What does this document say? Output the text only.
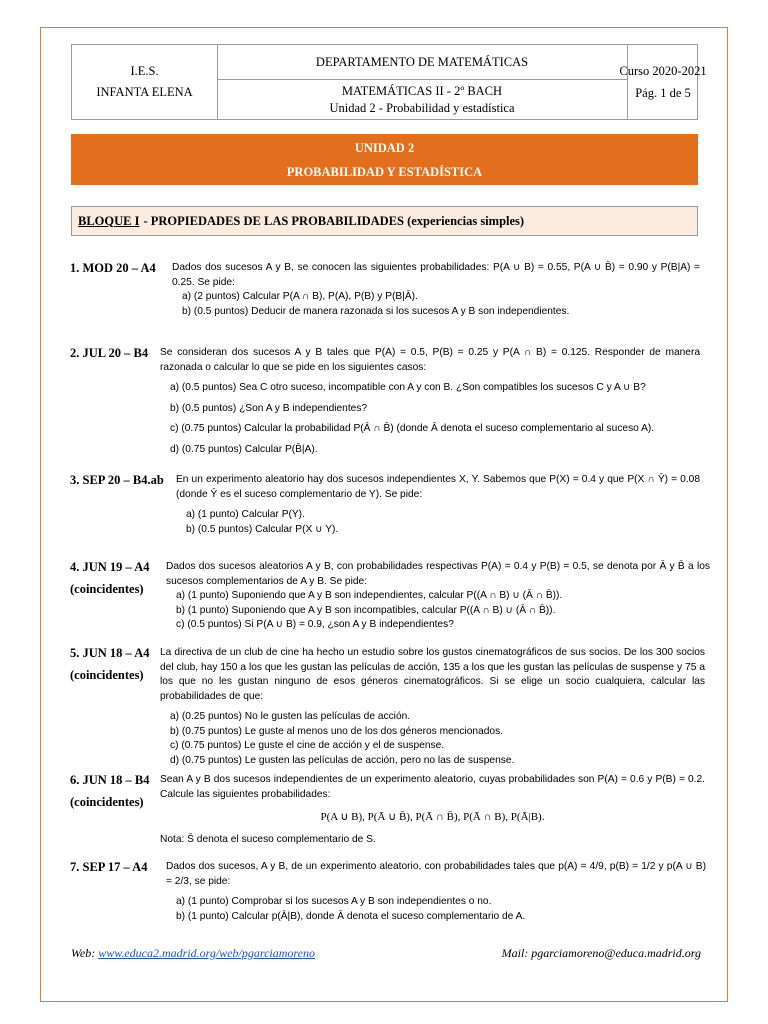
I.E.S.
INFANTA ELENA
DEPARTAMENTO DE MATEMÁTICAS
MATEMÁTICAS II - 2º BACH
Unidad 2 - Probabilidad y estadística
Curso 2020-2021
Pág. 1 de 5
UNIDAD 2
PROBABILIDAD Y ESTADÍSTICA
BLOQUE I - PROPIEDADES DE LAS PROBABILIDADES (experiencias simples)
1. MOD 20 – A4 Dados dos sucesos A y B, se conocen las siguientes probabilidades: P(A ∪ B) = 0.55, P(A ∪ B̄) = 0.90 y P(B|A) = 0.25. Se pide:

a) (2 puntos) Calcular P(A ∩ B), P(A), P(B) y P(B|Ā).

b) (0.5 puntos) Deducir de manera razonada si los sucesos A y B son independientes.

2. JUL 20 – B4 Se consideran dos sucesos A y B tales que P(A) = 0.5, P(B) = 0.25 y P(A ∩ B) = 0.125. Responder de manera razonada o calcular lo que se pide en los siguientes casos:

a) (0.5 puntos) Sea C otro suceso, incompatible con A y con B. ¿Son compatibles los sucesos C y A ∪ B?

b) (0.5 puntos) ¿Son A y B independientes?

c) (0.75 puntos) Calcular la probabilidad P(Ā ∩ B̄) (donde Ā denota el suceso complementario al suceso A).

d) (0.75 puntos) Calcular P(B̄|A).

3. SEP 20 – B4.ab En un experimento aleatorio hay dos sucesos independientes X, Y. Sabemos que P(X) = 0.4 y que P(X ∩ Ȳ) = 0.08 (donde Ȳ es el suceso complementario de Y). Se pide:

a) (1 punto) Calcular P(Y).

b) (0.5 puntos) Calcular P(X ∪ Y).

4. JUN 19 – A4
(coincidentes)

Dados dos sucesos aleatorios A y B, con probabilidades respectivas P(A) = 0.4 y P(B) = 0.5, se denota por Ā y B̄ a los sucesos complementarios de A y B. Se pide:

a) (1 punto) Suponiendo que A y B son independientes, calcular P((A ∩ B) ∪ (Ā ∩ B̄)).

b) (1 punto) Suponiendo que A y B son incompatibles, calcular P((A ∩ B) ∪ (Ā ∩ B̄)).

c) (0.5 puntos) Si P(A ∪ B) = 0.9, ¿son A y B independientes?

5. JUN 18 – A4
(coincidentes)

La directiva de un club de cine ha hecho un estudio sobre los gustos cinematográficos de sus socios. De los 300 socios del club, hay 150 a los que les gustan las películas de acción, 135 a los que les gustan las películas de suspense y 75 a los que no les gustan ninguno de esos géneros cinematográficos. Si se elige un socio cualquiera, calcular las probabilidades de que:

a) (0.25 puntos) No le gusten las películas de acción.

b) (0.75 puntos) Le guste al menos uno de los dos géneros mencionados.

c) (0.75 puntos) Le guste el cine de acción y el de suspense.

d) (0.75 puntos) Le gusten las películas de acción, pero no las de suspense.

6. JUN 18 – B4
(coincidentes)

Sean A y B dos sucesos independientes de un experimento aleatorio, cuyas probabilidades son P(A) = 0.6 y P(B) = 0.2. Calcule las siguientes probabilidades:

P(A ∪ B), P(Ā ∪ B̄), P(Ā ∩ B̄), P(Ā ∩ B), P(Ā|B).

Nota: S̄ denota el suceso complementario de S.

7. SEP 17 – A4 Dados dos sucesos, A y B, de un experimento aleatorio, con probabilidades tales que p(A) = 4/9, p(B) = 1/2 y p(A ∪ B) = 2/3, se pide:

a) (1 punto) Comprobar si los sucesos A y B son independientes o no.

b) (1 punto) Calcular p(Ā|B), donde Ā denota el suceso complementario de A.

Web: www.educa2.madrid.org/web/pgarciamoreno	Mail: pgarciamoreno@educa.madrid.org
